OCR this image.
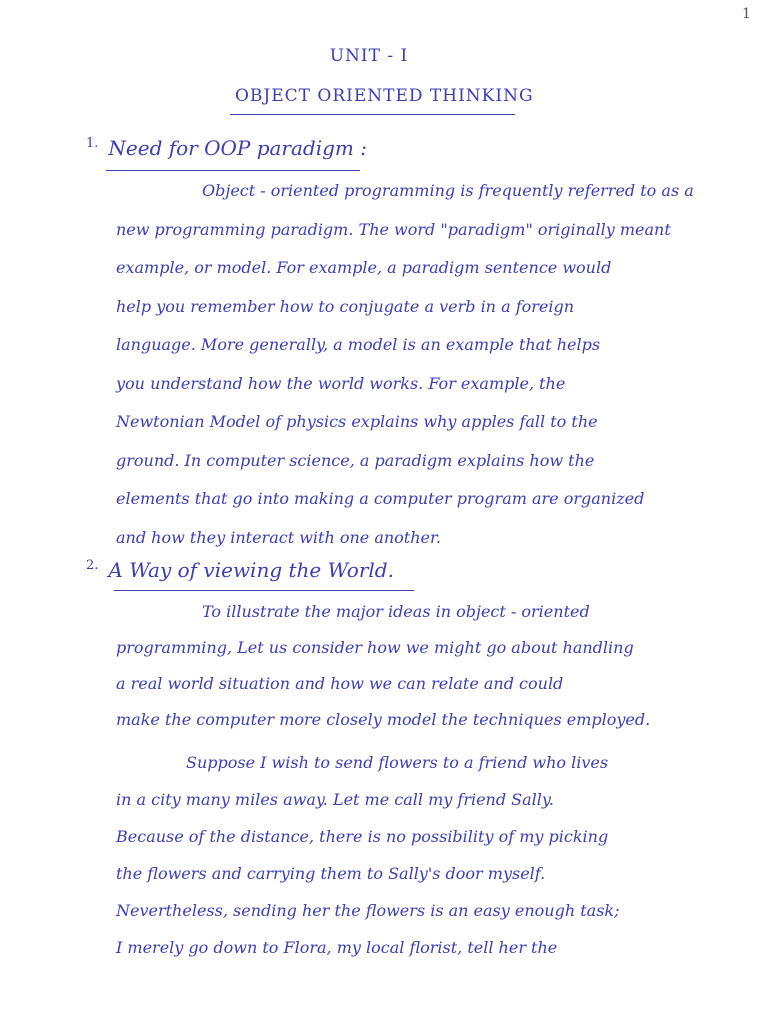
1
UNIT - I
OBJECT ORIENTED THINKING
$^{1.}$ Need for OOP paradigm :
Object - oriented programming is frequently referred to as a
new programming paradigm. The word "paradigm" originally meant
example, or model. For example, a paradigm sentence would
help you remember how to conjugate a verb in a foreign
language. More generally, a model is an example that helps
you understand how the world works. For example, the
Newtonian Model of physics explains why apples fall to the
ground. In computer science, a paradigm explains how the
elements that go into making a computer program are organized
and how they interact with one another.
$^{2.}$ A Way of viewing the World.
To illustrate the major ideas in object - oriented
programming, Let us consider how we might go about handling
a real world situation and how we can relate and could
make the computer more closely model the techniques employed.
Suppose I wish to send flowers to a friend who lives
in a city many miles away. Let me call my friend Sally.
Because of the distance, there is no possibility of my picking
the flowers and carrying them to Sally's door myself.
Nevertheless, sending her the flowers is an easy enough task;
I merely go down to Flora, my local florist, tell her the
